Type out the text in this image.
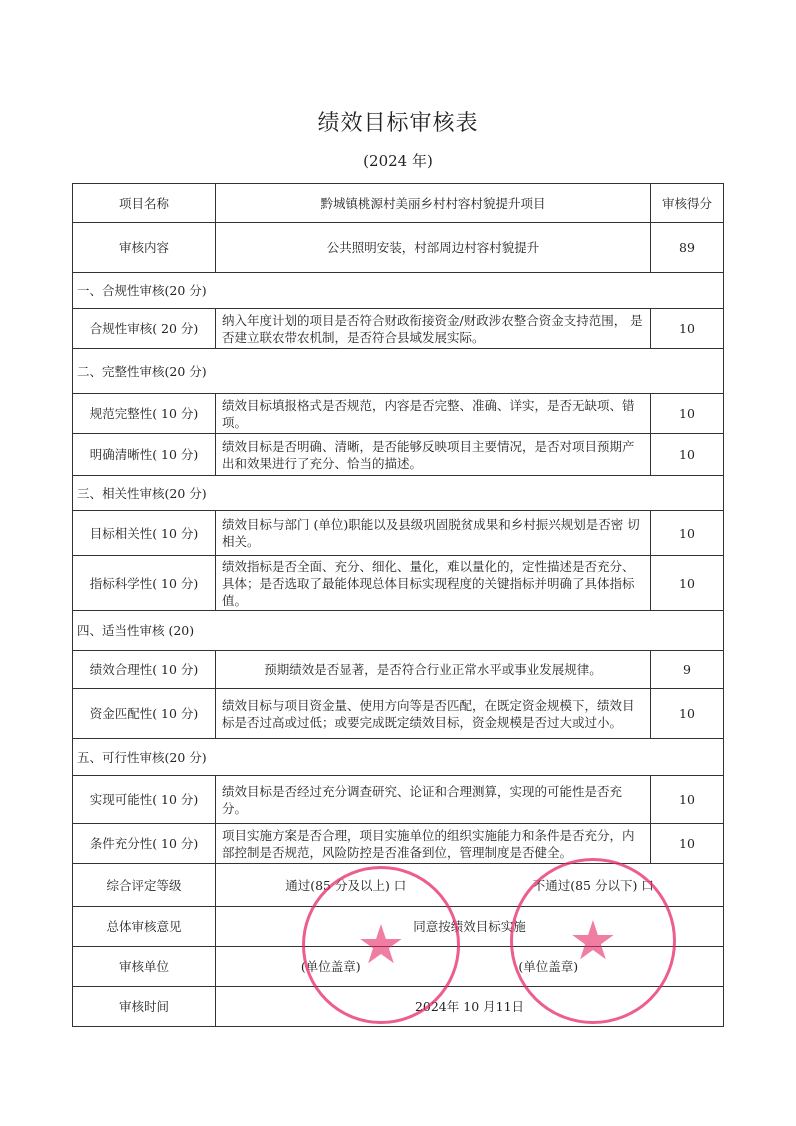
绩效目标审核表
(2024 年)
项目名称	黔城镇桃源村美丽乡村村容村貌提升项目	审核得分
审核内容	公共照明安装，村部周边村容村貌提升	89
一、合规性审核(20 分)		
合规性审核( 20 分)	纳入年度计划的项目是否符合财政衔接资金/财政涉农整合资金支持范围， 是否建立联农带农机制，是否符合县域发展实际。	10
二、完整性审核(20 分)		
规范完整性( 10 分)	绩效目标填报格式是否规范，内容是否完整、准确、详实，是否无缺项、错 项。	10
明确清晰性( 10 分)	绩效目标是否明确、清晰，是否能够反映项目主要情况，是否对项目预期产 出和效果进行了充分、恰当的描述。	10
三、相关性审核(20 分)		
目标相关性( 10 分)	绩效目标与部门 (单位)职能以及县级巩固脱贫成果和乡村振兴规划是否密 切相关。	10
指标科学性( 10 分)	绩效指标是否全面、充分、细化、量化，难以量化的，定性描述是否充分、 具体；是否选取了最能体现总体目标实现程度的关键指标并明确了具体指标 值。	10
四、适当性审核 (20)		
绩效合理性( 10 分)	预期绩效是否显著，是否符合行业正常水平或事业发展规律。	9
资金匹配性( 10 分)	绩效目标与项目资金量、使用方向等是否匹配，在既定资金规模下，绩效目 标是否过高或过低；或要完成既定绩效目标，资金规模是否过大或过小。	10
五、可行性审核(20 分)		
实现可能性( 10 分)	绩效目标是否经过充分调查研究、论证和合理测算，实现的可能性是否充分。	10
条件充分性( 10 分)	项目实施方案是否合理，项目实施单位的组织实施能力和条件是否充分，内 部控制是否规范，风险防控是否准备到位，管理制度是否健全。	10
综合评定等级	通过(85 分及以上) 口 不通过(85 分以下) 口	

总体审核意见	同意按绩效目标实施	
审核单位	(单位盖章) (单位盖章)	

审核时间	2024年 10 月11日	
★	★
